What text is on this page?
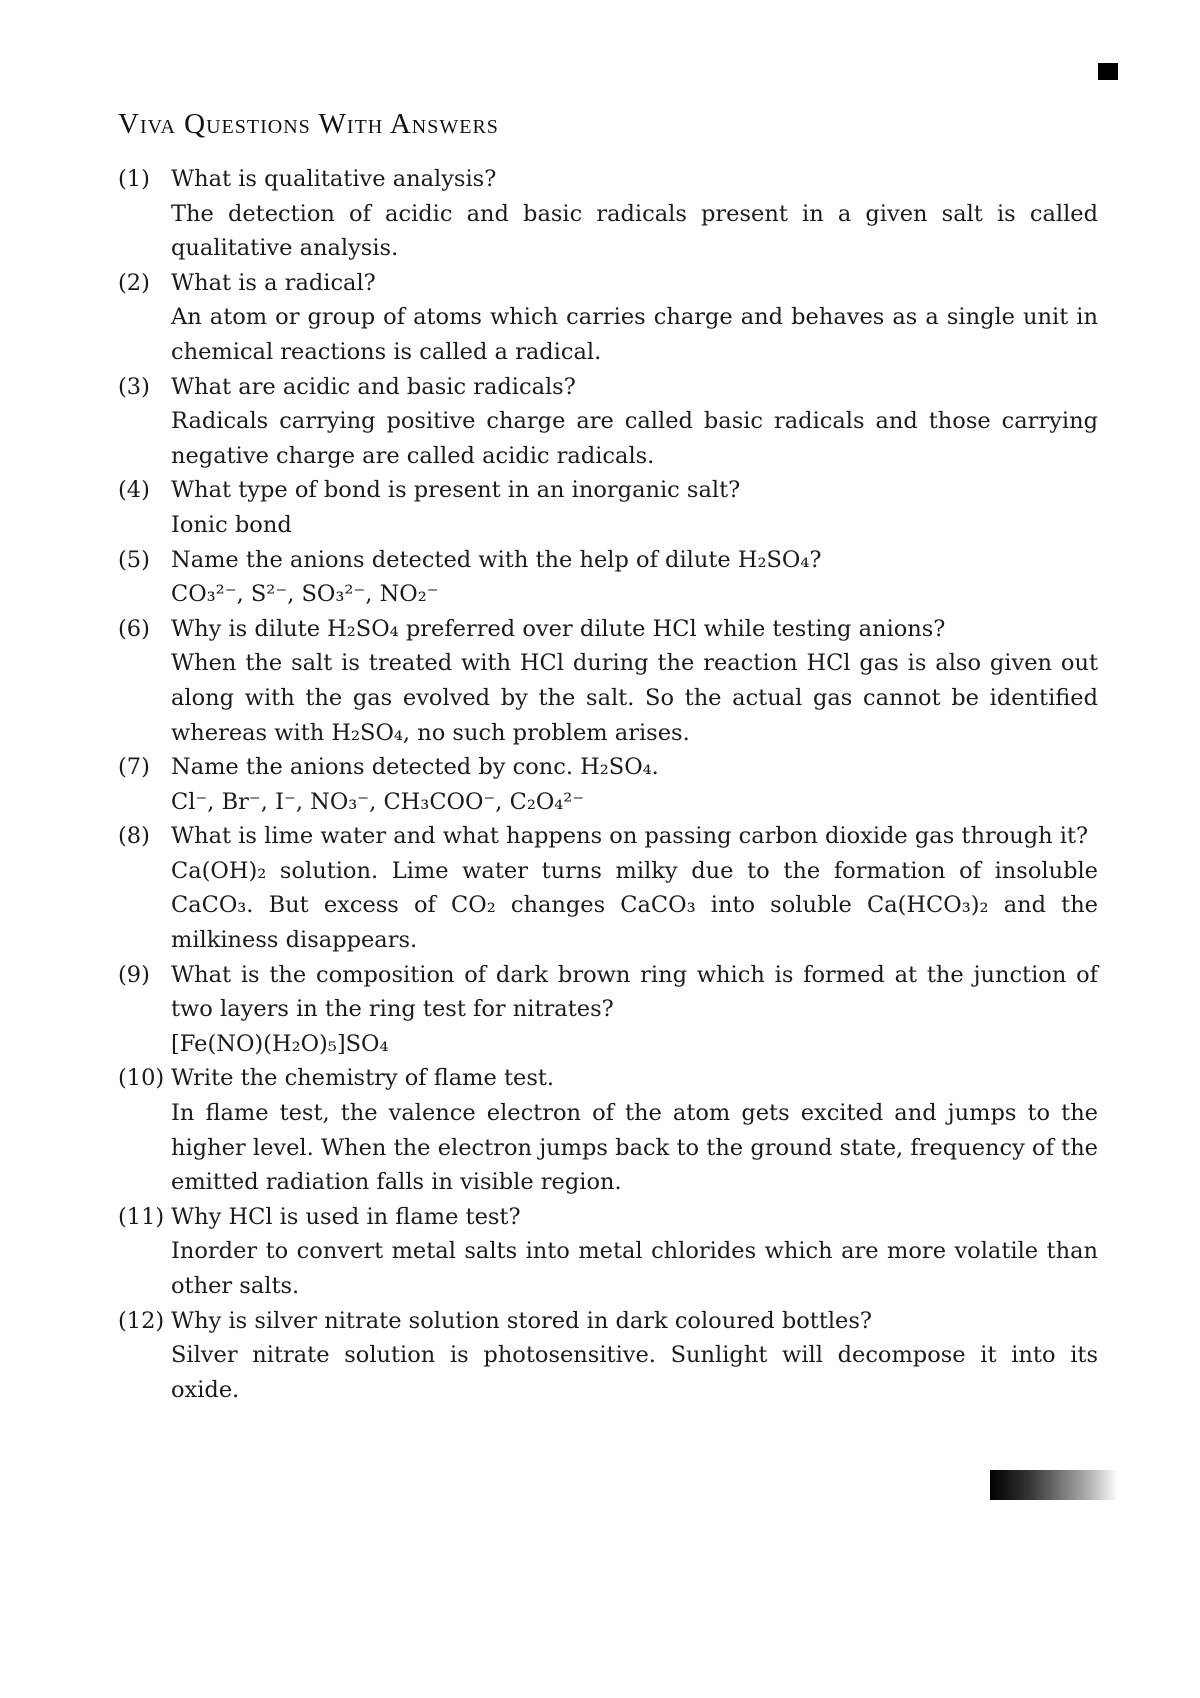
Viva Questions With Answers
(1) What is qualitative analysis?

The detection of acidic and basic radicals present in a given salt is called qualitative analysis.

(2) What is a radical?

An atom or group of atoms which carries charge and behaves as a single unit in chemical reactions is called a radical.

(3) What are acidic and basic radicals?

Radicals carrying positive charge are called basic radicals and those carrying negative charge are called acidic radicals.

(4) What type of bond is present in an inorganic salt?

Ionic bond

(5) Name the anions detected with the help of dilute H₂SO₄?

CO₃²⁻, S²⁻, SO₃²⁻, NO₂⁻

(6) Why is dilute H₂SO₄ preferred over dilute HCl while testing anions?

When the salt is treated with HCl during the reaction HCl gas is also given out along with the gas evolved by the salt. So the actual gas cannot be identified whereas with H₂SO₄, no such problem arises.

(7) Name the anions detected by conc. H₂SO₄.

Cl⁻, Br⁻, I⁻, NO₃⁻, CH₃COO⁻, C₂O₄²⁻

(8) What is lime water and what happens on passing carbon dioxide gas through it?

Ca(OH)₂ solution. Lime water turns milky due to the formation of insoluble CaCO₃. But excess of CO₂ changes CaCO₃ into soluble Ca(HCO₃)₂ and the milkiness disappears.

(9) What is the composition of dark brown ring which is formed at the junction of two layers in the ring test for nitrates?

[Fe(NO)(H₂O)₅]SO₄

(10) Write the chemistry of flame test.

In flame test, the valence electron of the atom gets excited and jumps to the higher level. When the electron jumps back to the ground state, frequency of the emitted radiation falls in visible region.

(11) Why HCl is used in flame test?

Inorder to convert metal salts into metal chlorides which are more volatile than other salts.

(12) Why is silver nitrate solution stored in dark coloured bottles?

Silver nitrate solution is photosensitive. Sunlight will decompose it into its oxide.
